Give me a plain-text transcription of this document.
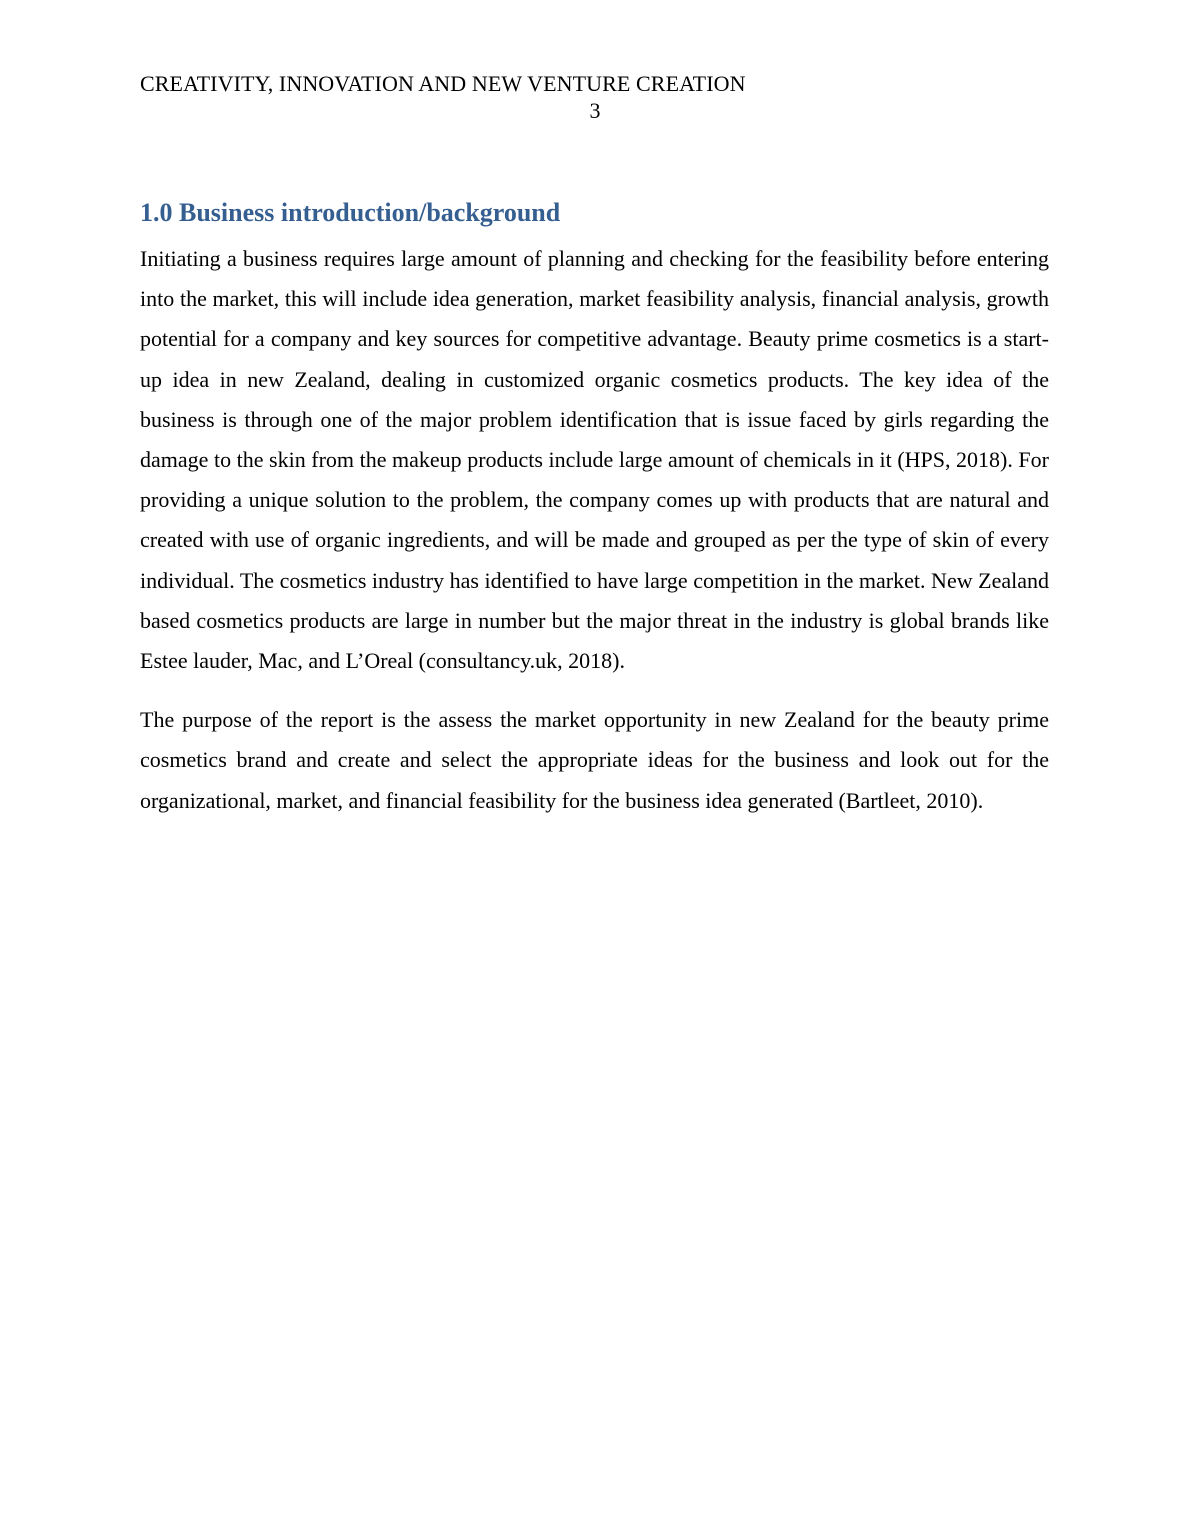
CREATIVITY, INNOVATION AND NEW VENTURE CREATION
3
1.0 Business introduction/background

Initiating a business requires large amount of planning and checking for the feasibility before entering into the market, this will include idea generation, market feasibility analysis, financial analysis, growth potential for a company and key sources for competitive advantage. Beauty prime cosmetics is a start-up idea in new Zealand, dealing in customized organic cosmetics products. The key idea of the business is through one of the major problem identification that is issue faced by girls regarding the damage to the skin from the makeup products include large amount of chemicals in it (HPS, 2018). For providing a unique solution to the problem, the company comes up with products that are natural and created with use of organic ingredients, and will be made and grouped as per the type of skin of every individual. The cosmetics industry has identified to have large competition in the market. New Zealand based cosmetics products are large in number but the major threat in the industry is global brands like Estee lauder, Mac, and L’Oreal (consultancy.uk, 2018).

The purpose of the report is the assess the market opportunity in new Zealand for the beauty prime cosmetics brand and create and select the appropriate ideas for the business and look out for the organizational, market, and financial feasibility for the business idea generated (Bartleet, 2010).
